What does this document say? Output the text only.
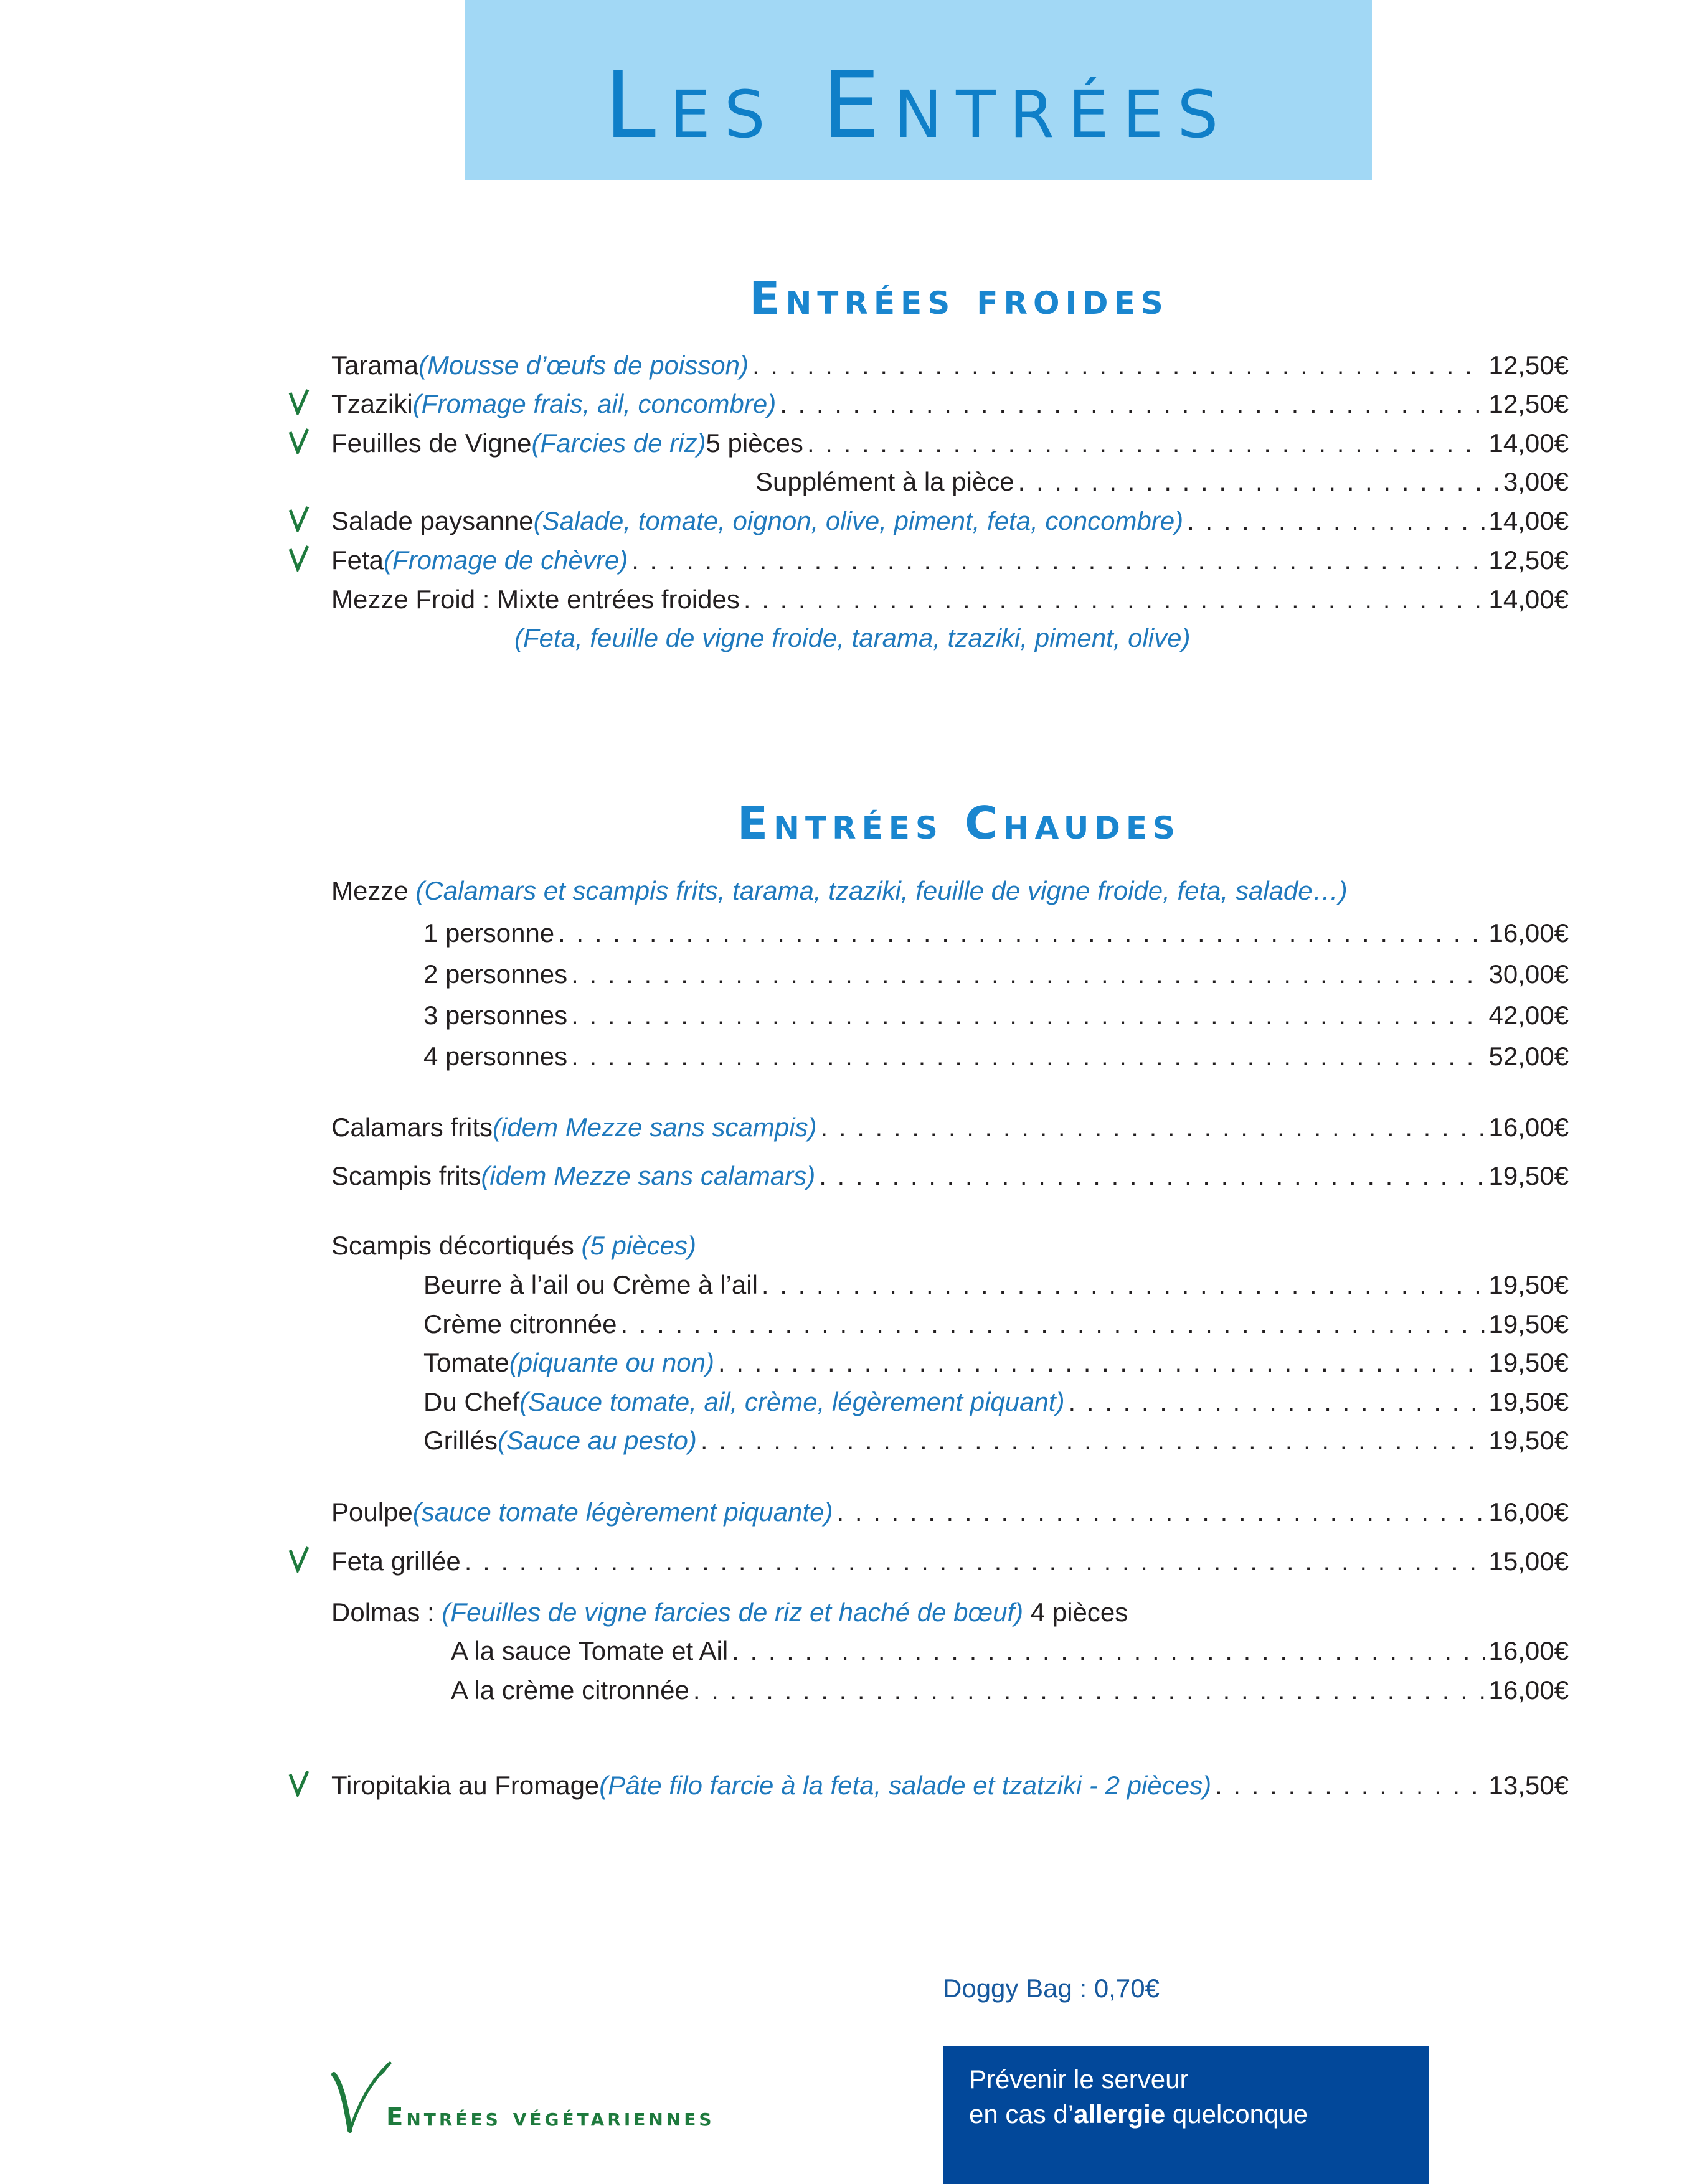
Les Entrées
Entrées froides
Tarama (Mousse d’œufs de poisson) . . .	12,50€
Tzaziki (Fromage frais, ail, concombre) . . .	12,50€
Feuilles de Vigne (Farcies de riz) 5 pièces . . .	14,00€
Supplément à la pièce . . .	3,00€
Salade paysanne (Salade, tomate, oignon, olive, piment, feta, concombre) . . .	14,00€
Feta (Fromage de chèvre) . . .	12,50€
Mezze Froid : Mixte entrées froides . . .	14,00€
(Feta, feuille de vigne froide, tarama, tzaziki, piment, olive)
Entrées Chaudes
Mezze (Calamars et scampis frits, tarama, tzaziki, feuille de vigne froide, feta, salade…)
1 personne . . .	16,00€
2 personnes . . .	30,00€
3 personnes . . .	42,00€
4 personnes . . .	52,00€
Calamars frits (idem Mezze sans scampis) . . .	16,00€
Scampis frits (idem Mezze sans calamars) . . .	19,50€
Scampis décortiqués (5 pièces)
Beurre à l’ail ou Crème à l’ail . . .	19,50€
Crème citronnée . . .	19,50€
Tomate (piquante ou non) . . .	19,50€
Du Chef (Sauce tomate, ail, crème, légèrement piquant) . . .	19,50€
Grillés (Sauce au pesto) . . .	19,50€
Poulpe (sauce tomate légèrement piquante) . . .	16,00€
Feta grillée . . .	15,00€
Dolmas : (Feuilles de vigne farcies de riz et haché de bœuf) 4 pièces
A la sauce Tomate et Ail . . .	16,00€
A la crème citronnée . . .	16,00€
Tiropitakia au Fromage (Pâte filo farcie à la feta, salade et tzatziki - 2 pièces) . . .	13,50€
Doggy Bag : 0,70€
Entrées végétariennes
Prévenir le serveur
en cas d’allergie quelconque
